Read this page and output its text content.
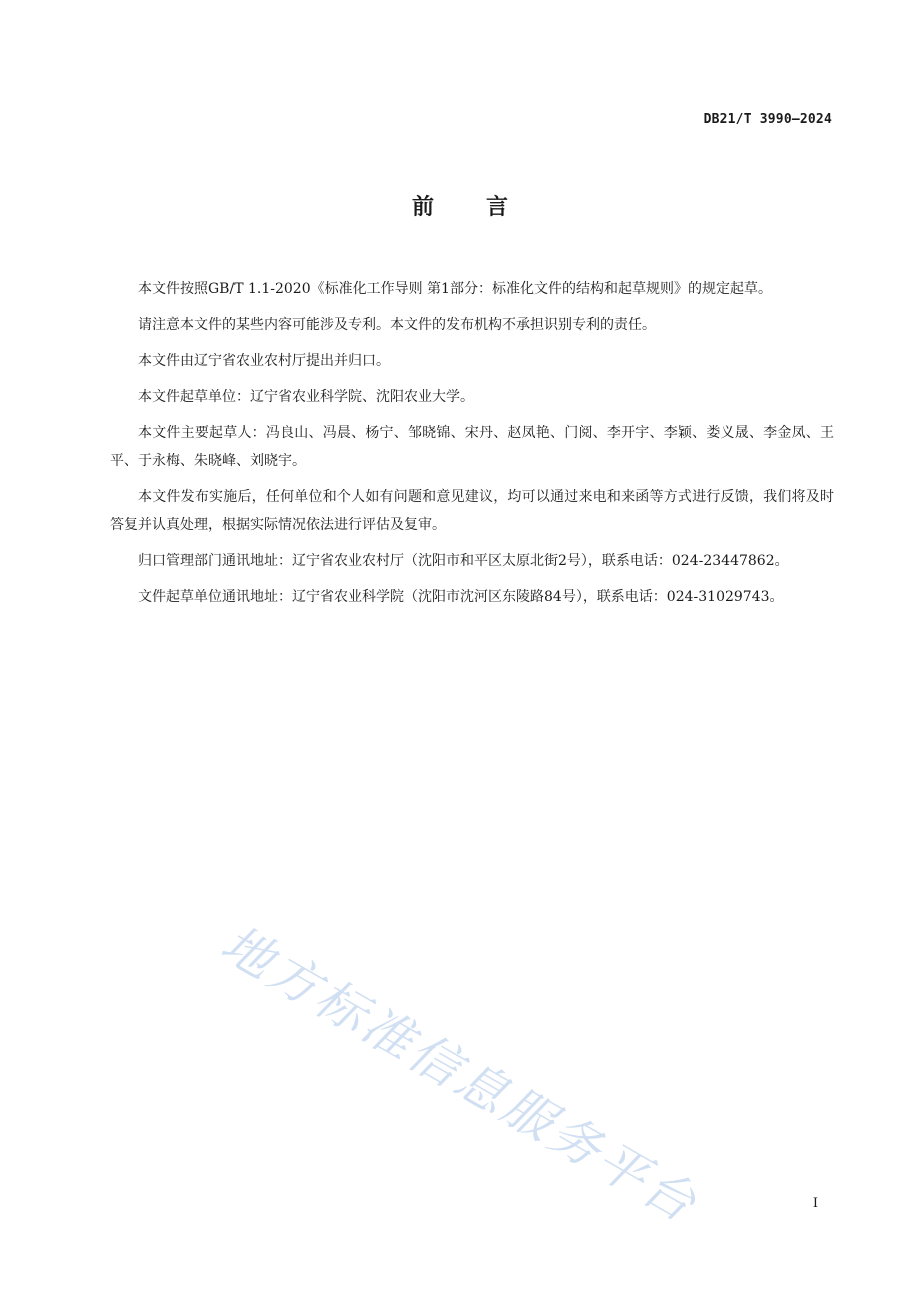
DB21/T 3990—2024
前 言

本文件按照GB/T 1.1-2020《标准化工作导则 第1部分：标准化文件的结构和起草规则》的规定起草。

请注意本文件的某些内容可能涉及专利。本文件的发布机构不承担识别专利的责任。

本文件由辽宁省农业农村厅提出并归口。

本文件起草单位：辽宁省农业科学院、沈阳农业大学。

本文件主要起草人：冯良山、冯晨、杨宁、邹晓锦、宋丹、赵凤艳、门阅、李开宇、李颖、娄义晟、李金凤、王平、于永梅、朱晓峰、刘晓宇。

本文件发布实施后，任何单位和个人如有问题和意见建议，均可以通过来电和来函等方式进行反馈，我们将及时答复并认真处理，根据实际情况依法进行评估及复审。

归口管理部门通讯地址：辽宁省农业农村厅（沈阳市和平区太原北街2号），联系电话：024-23447862。

文件起草单位通讯地址：辽宁省农业科学院（沈阳市沈河区东陵路84号），联系电话：024-31029743。

地方标准信息服务平台	I
